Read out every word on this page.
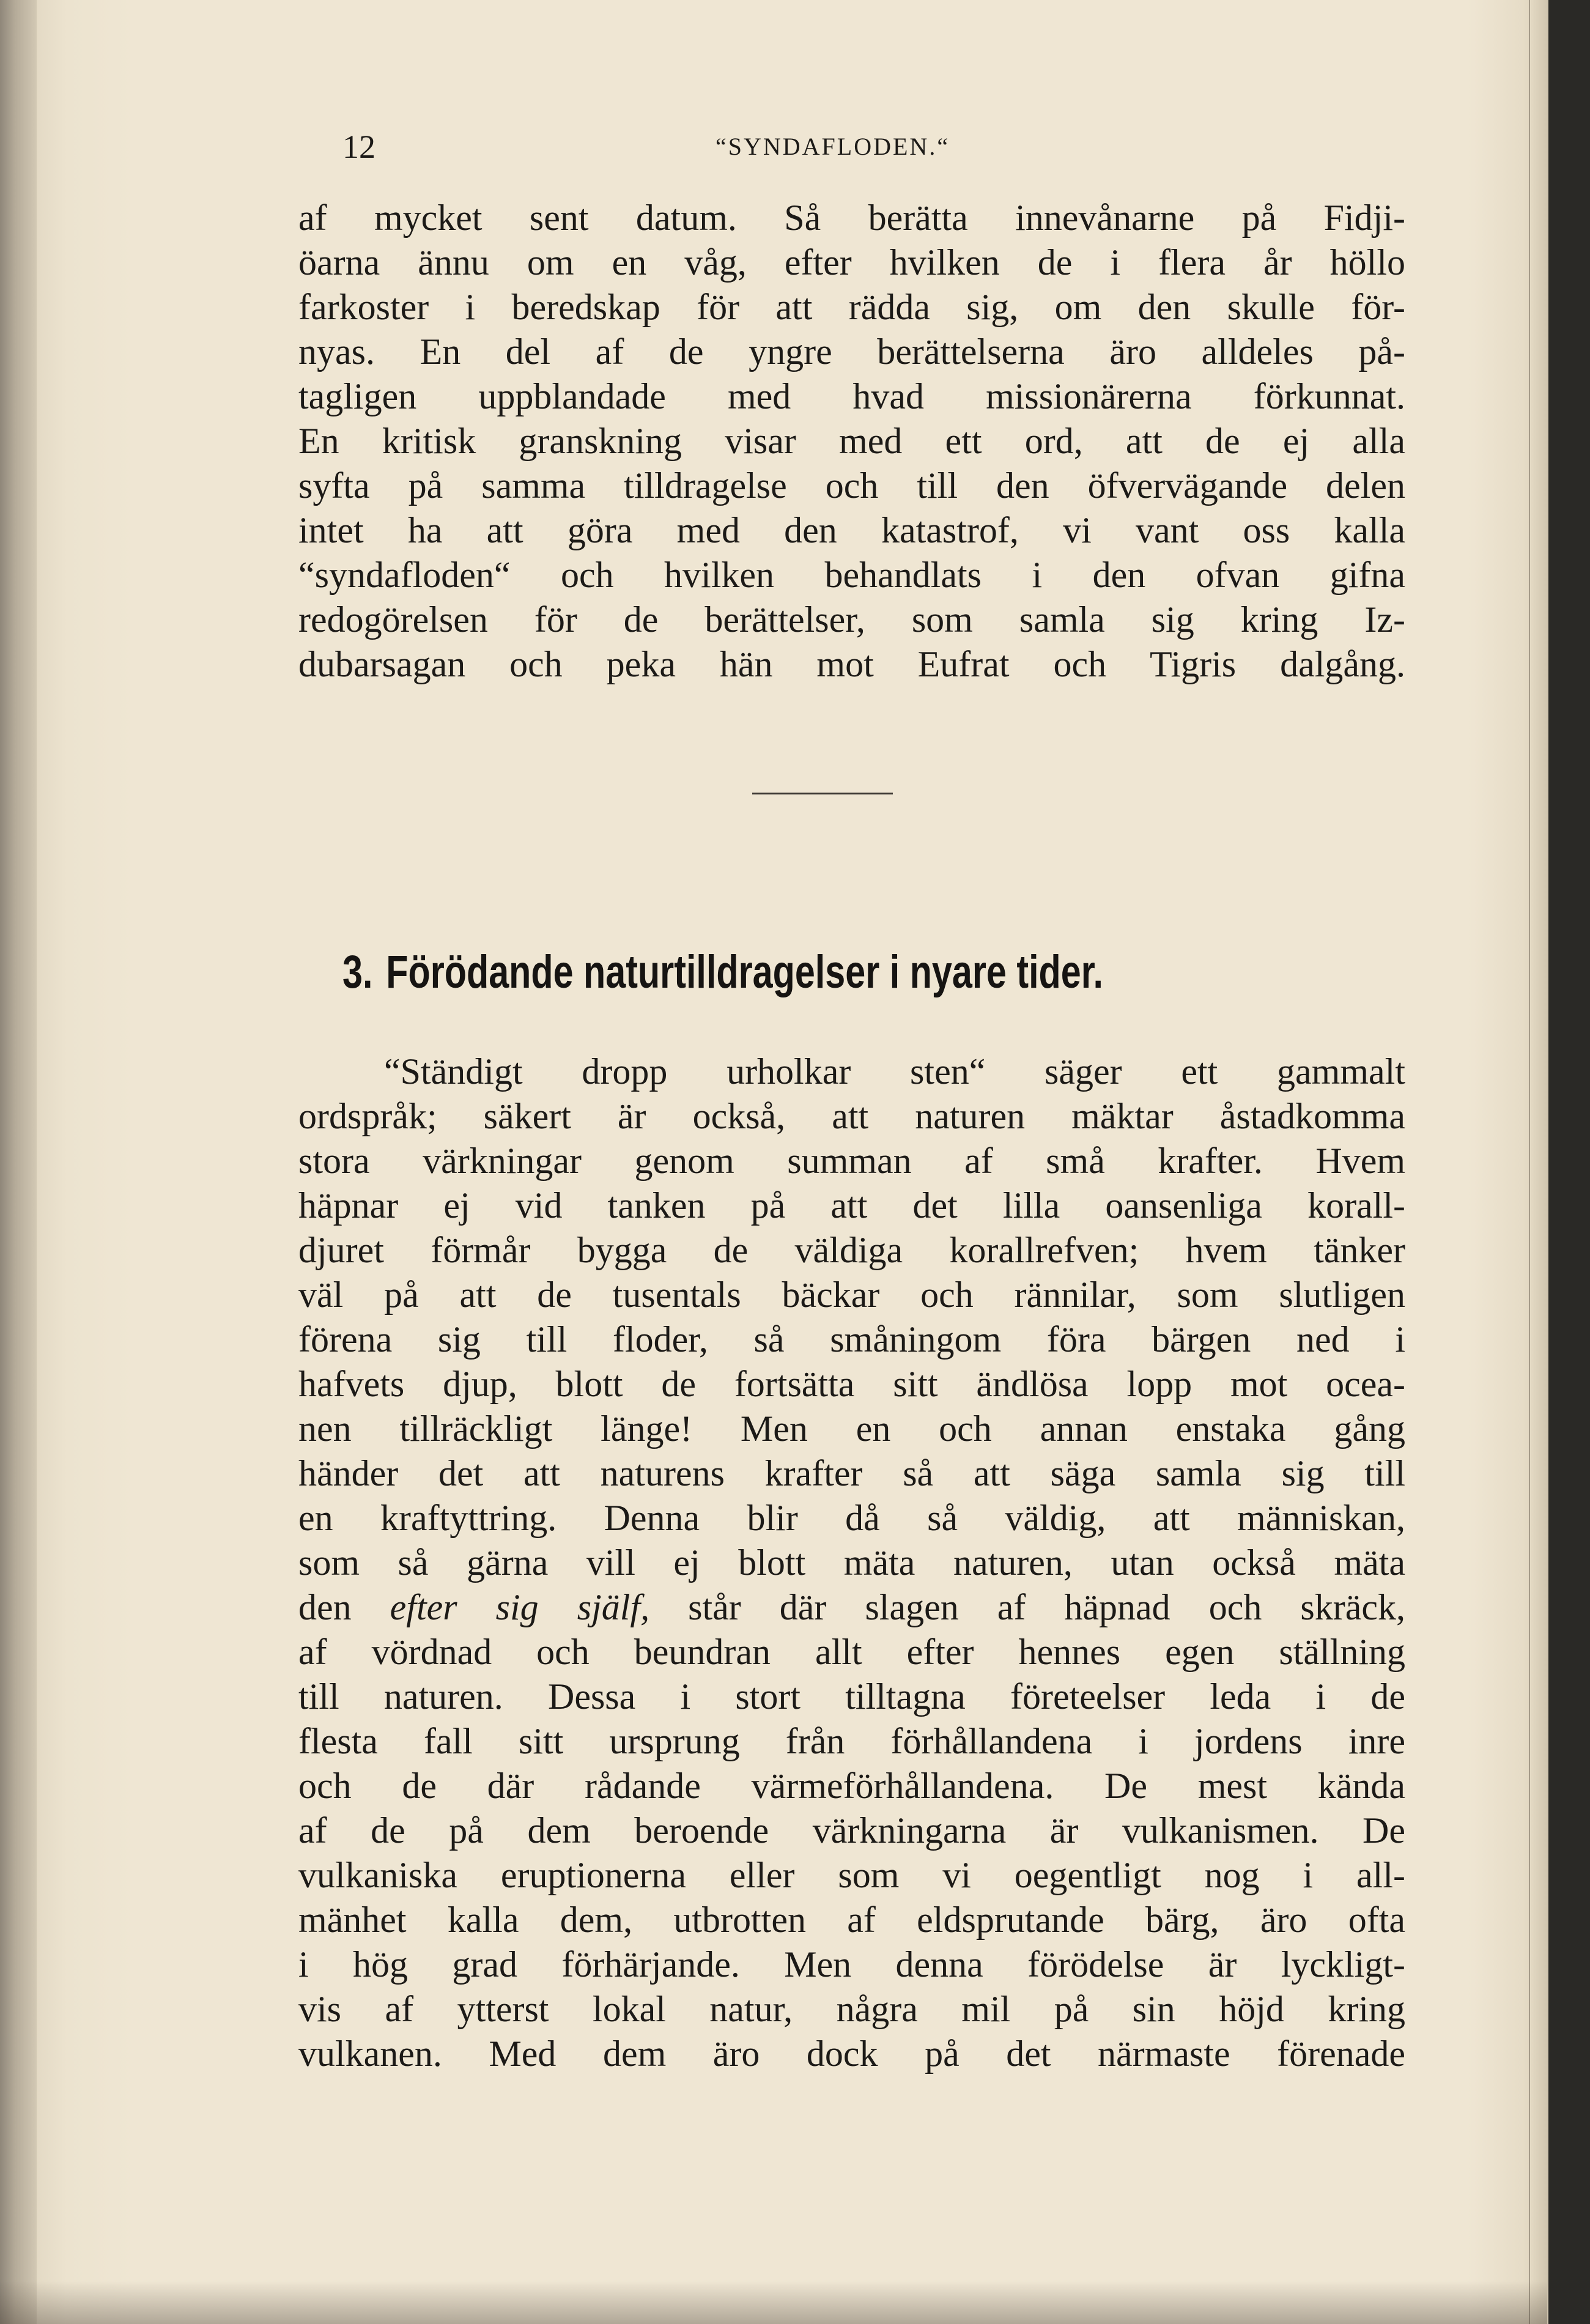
12	“SYNDAFLODEN.“
af mycket sent datum. Så berätta innevånarne på Fidji-
öarna ännu om en våg, efter hvilken de i flera år höllo
farkoster i beredskap för att rädda sig, om den skulle för-
nyas. En del af de yngre berättelserna äro alldeles på-
tagligen uppblandade med hvad missionärerna förkunnat.
En kritisk granskning visar med ett ord, att de ej alla
syfta på samma tilldragelse och till den öfvervägande delen
intet ha att göra med den katastrof, vi vant oss kalla
“syndafloden“ och hvilken behandlats i den ofvan gifna
redogörelsen för de berättelser, som samla sig kring Iz-
dubarsagan och peka hän mot Eufrat och Tigris dalgång.
3. Förödande naturtilldragelser i nyare tider.
“Ständigt dropp urholkar sten“ säger ett gammalt
ordspråk; säkert är också, att naturen mäktar åstadkomma
stora värkningar genom summan af små krafter. Hvem
häpnar ej vid tanken på att det lilla oansenliga korall-
djuret förmår bygga de väldiga korallrefven; hvem tänker
väl på att de tusentals bäckar och rännilar, som slutligen
förena sig till floder, så småningom föra bärgen ned i
hafvets djup, blott de fortsätta sitt ändlösa lopp mot ocea-
nen tillräckligt länge! Men en och annan enstaka gång
händer det att naturens krafter så att säga samla sig till
en kraftyttring. Denna blir då så väldig, att människan,
som så gärna vill ej blott mäta naturen, utan också mäta
den efter sig själf, står där slagen af häpnad och skräck,
af vördnad och beundran allt efter hennes egen ställning
till naturen. Dessa i stort tilltagna företeelser leda i de
flesta fall sitt ursprung från förhållandena i jordens inre
och de där rådande värmeförhållandena. De mest kända
af de på dem beroende värkningarna är vulkanismen. De
vulkaniska eruptionerna eller som vi oegentligt nog i all-
mänhet kalla dem, utbrotten af eldsprutande bärg, äro ofta
i hög grad förhärjande. Men denna förödelse är lyckligt-
vis af ytterst lokal natur, några mil på sin höjd kring
vulkanen. Med dem äro dock på det närmaste förenade
